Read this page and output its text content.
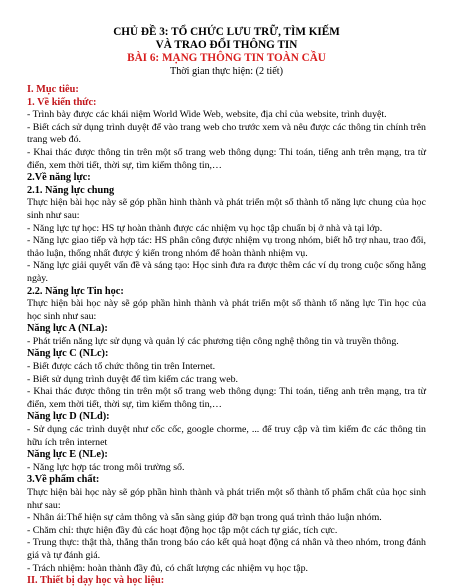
CHỦ ĐỀ 3: TỔ CHỨC LƯU TRỮ, TÌM KIẾM
VÀ TRAO ĐỔI THÔNG TIN
BÀI 6: MẠNG THÔNG TIN TOÀN CẦU
Thời gian thực hiện: (2 tiết)
I. Mục tiêu:
1. Về kiến thức:
- Trình bày được các khái niệm World Wide Web, website, địa chỉ của website, trình duyệt.
- Biết cách sử dụng trình duyệt để vào trang web cho trước xem và nêu được các thông tin chính trên trang web đó.
- Khai thác được thông tin trên một số trang web thông dụng: Thi toán, tiếng anh trên mạng, tra từ điển, xem thời tiết, thời sự, tìm kiếm thông tin,…
2.Về năng lực:
2.1. Năng lực chung
Thực hiện bài học này sẽ góp phần hình thành và phát triển một số thành tố năng lực chung của học sinh như sau:
- Năng lực tự học: HS tự hoàn thành được các nhiệm vụ học tập chuẩn bị ở nhà và tại lớp.
- Năng lực giao tiếp và hợp tác: HS phân công được nhiệm vụ trong nhóm, biết hỗ trợ nhau, trao đổi, thảo luận, thống nhất được ý kiến trong nhóm để hoàn thành nhiệm vụ.
- Năng lực giải quyết vấn đề và sáng tạo: Học sinh đưa ra được thêm các ví dụ trong cuộc sống hằng ngày.
2.2. Năng lực Tin học:
Thực hiện bài học này sẽ góp phần hình thành và phát triển một số thành tố năng lực Tin học của học sinh như sau:
Năng lực A (NLa):
- Phát triển năng lực sử dụng và quản lý các phương tiện công nghệ thông tin và truyền thông.
Năng lực C (NLc):
- Biết được cách tổ chức thông tin trên Internet.
- Biết sử dụng trình duyệt để tìm kiếm các trang web.
- Khai thác được thông tin trên một số trang web thông dụng: Thi toán, tiếng anh trên mạng, tra từ điển, xem thời tiết, thời sự, tìm kiếm thông tin,…
Năng lực D (NLd):
- Sử dụng các trình duyệt như cốc cốc, google chorme, ... để truy cập và tìm kiếm đc các thông tin hữu ích trên internet
Năng lực E (NLe):
- Năng lực hợp tác trong môi trường số.
3.Về phẩm chất:
Thực hiện bài học này sẽ góp phần hình thành và phát triển một số thành tố phẩm chất của học sinh như sau:
- Nhân ái:Thể hiện sự cảm thông và sẵn sàng giúp đỡ bạn trong quá trình thảo luận nhóm.
- Chăm chỉ: thực hiện đầy đủ các hoạt động học tập một cách tự giác, tích cực.
- Trung thực: thật thà, thẳng thắn trong báo cáo kết quả hoạt động cá nhân và theo nhóm, trong đánh giá và tự đánh giá.
- Trách nhiệm: hoàn thành đầy đủ, có chất lượng các nhiệm vụ học tập.
II. Thiết bị dạy học và học liệu:
